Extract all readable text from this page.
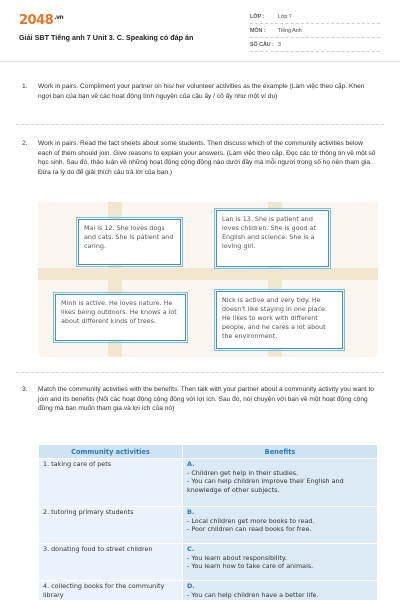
$2048^{.vn}$
Giải SBT Tiếng anh 7 Unit 3. C. Speaking có đáp án
LỚP :	Lớp 7
MÔN :	Tiếng Anh
SỐ CÂU : 3
1. Work in pairs. Compliment your partner on his/ her volunteer activities as the example (Làm việc theo cặp. Khen ngợi bạn của bạn về các hoạt động tình nguyện của cậu ấy / cô ấy như một ví dụ)
2. Work in pairs. Read the fact sheets about some students. Then discuss which of the community activities below each of them should join. Give reasons to explain your answers. (Làm việc theo cặp. Đọc các tờ thông tin về một số học sinh. Sau đó, thảo luận về những hoạt động cộng đồng nào dưới đây mà mỗi người trong số họ nên tham gia. Đưa ra lý do để giải thích câu trả lời của bạn.)
Mai is 12. She loves dogs and cats. She is patient and caring.
Lan is 13. She is patient and loves children. She is good at English and science. She is a loving girl.
Minh is active. He loves nature. He likes being outdoors. He knows a lot about different kinds of trees.
Nick is active and very tidy. He doesn't like staying in one place. He likes to work with different people, and he cares a lot about the environment.
3. Match the community activities with the benefits. Then talk with your partner about a community activity you want to join and its benefits (Nối các hoạt động cộng đồng với lợi ích. Sau đó, nói chuyện với bạn về một hoạt động cộng đồng mà bạn muốn tham gia và lợi ích của nó)
Community activities	Benefits
1. taking care of pets	A.
- Children get help in their studies.
- You can help children improve their English and knowledge of other subjects.

2. tutoring primary students	B.
- Local children get more books to read.
- Poor children can read books for free.

3. donating food to street children	C.
- You learn about responsibility.
- You learn how to take care of animals.

4. collecting books for the community library	D.
- You can help children have a better life.
